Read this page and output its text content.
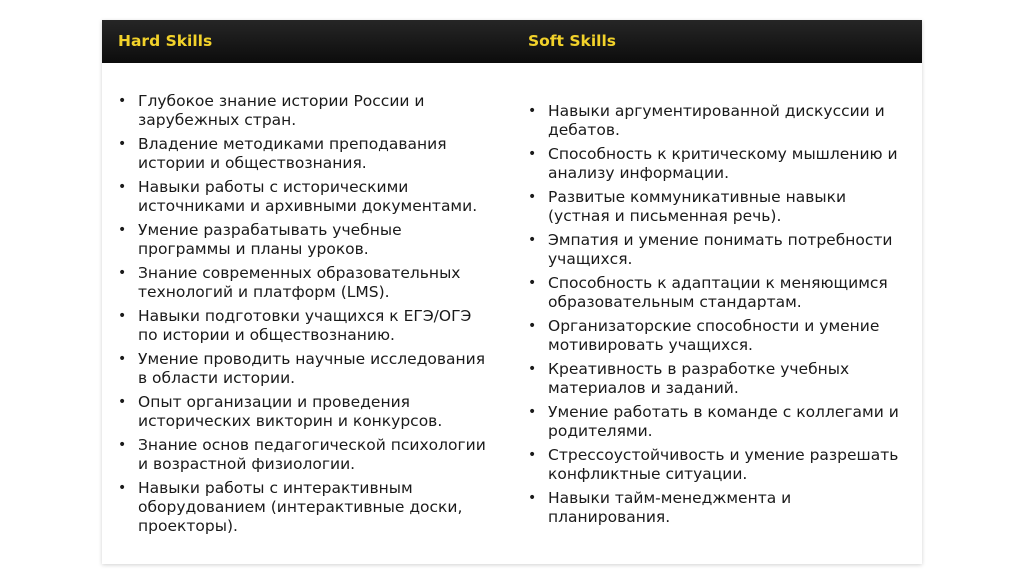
Hard Skills	Soft Skills
• Глубокое знание истории России и зарубежных стран.
• Владение методиками преподавания истории и обществознания.
• Навыки работы с историческими источниками и архивными документами.
• Умение разрабатывать учебные программы и планы уроков.
• Знание современных образовательных технологий и платформ (LMS).
• Навыки подготовки учащихся к ЕГЭ/ОГЭ по истории и обществознанию.
• Умение проводить научные исследования в области истории.
• Опыт организации и проведения исторических викторин и конкурсов.
• Знание основ педагогической психологии и возрастной физиологии.
• Навыки работы с интерактивным оборудованием (интерактивные доски, проекторы).
• Навыки аргументированной дискуссии и дебатов.
• Способность к критическому мышлению и анализу информации.
• Развитые коммуникативные навыки (устная и письменная речь).
• Эмпатия и умение понимать потребности учащихся.
• Способность к адаптации к меняющимся образовательным стандартам.
• Организаторские способности и умение мотивировать учащихся.
• Креативность в разработке учебных материалов и заданий.
• Умение работать в команде с коллегами и родителями.
• Стрессоустойчивость и умение разрешать конфликтные ситуации.
• Навыки тайм-менеджмента и планирования.
